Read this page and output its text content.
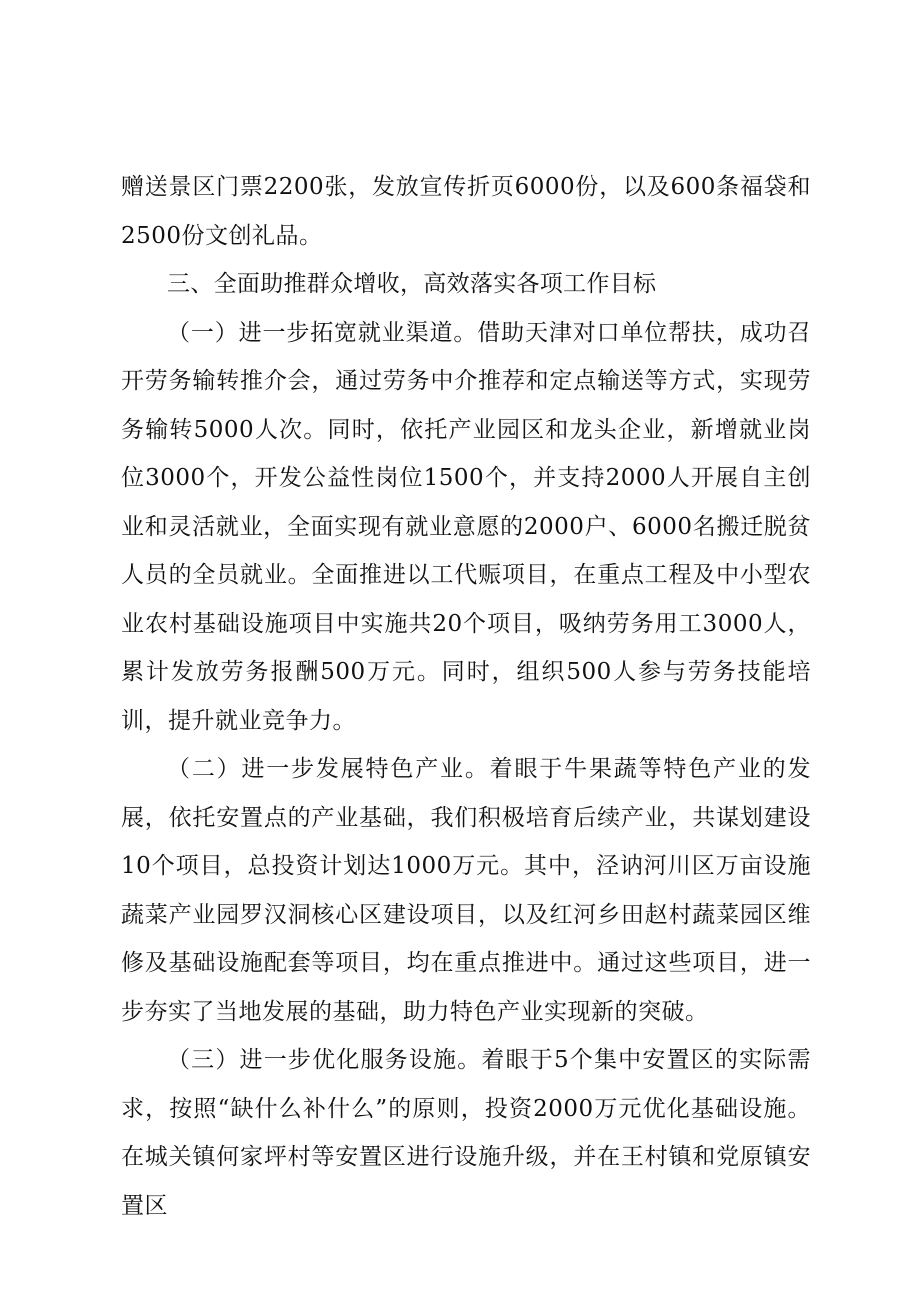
赠送景区门票2200张，发放宣传折页6000份，以及600条福袋和2500份文创礼品。

三、全面助推群众增收，高效落实各项工作目标

（一）进一步拓宽就业渠道。借助天津对口单位帮扶，成功召开劳务输转推介会，通过劳务中介推荐和定点输送等方式，实现劳务输转5000人次。同时，依托产业园区和龙头企业，新增就业岗位3000个，开发公益性岗位1500个，并支持2000人开展自主创业和灵活就业，全面实现有就业意愿的2000户、6000名搬迁脱贫人员的全员就业。全面推进以工代赈项目，在重点工程及中小型农业农村基础设施项目中实施共20个项目，吸纳劳务用工3000人，累计发放劳务报酬500万元。同时，组织500人参与劳务技能培训，提升就业竞争力。

（二）进一步发展特色产业。着眼于牛果蔬等特色产业的发展，依托安置点的产业基础，我们积极培育后续产业，共谋划建设10个项目，总投资计划达1000万元。其中，泾讷河川区万亩设施蔬菜产业园罗汉洞核心区建设项目，以及红河乡田赵村蔬菜园区维修及基础设施配套等项目，均在重点推进中。通过这些项目，进一步夯实了当地发展的基础，助力特色产业实现新的突破。

（三）进一步优化服务设施。着眼于5个集中安置区的实际需求，按照“缺什么补什么”的原则，投资2000万元优化基础设施。在城关镇何家坪村等安置区进行设施升级，并在王村镇和党原镇安置区
